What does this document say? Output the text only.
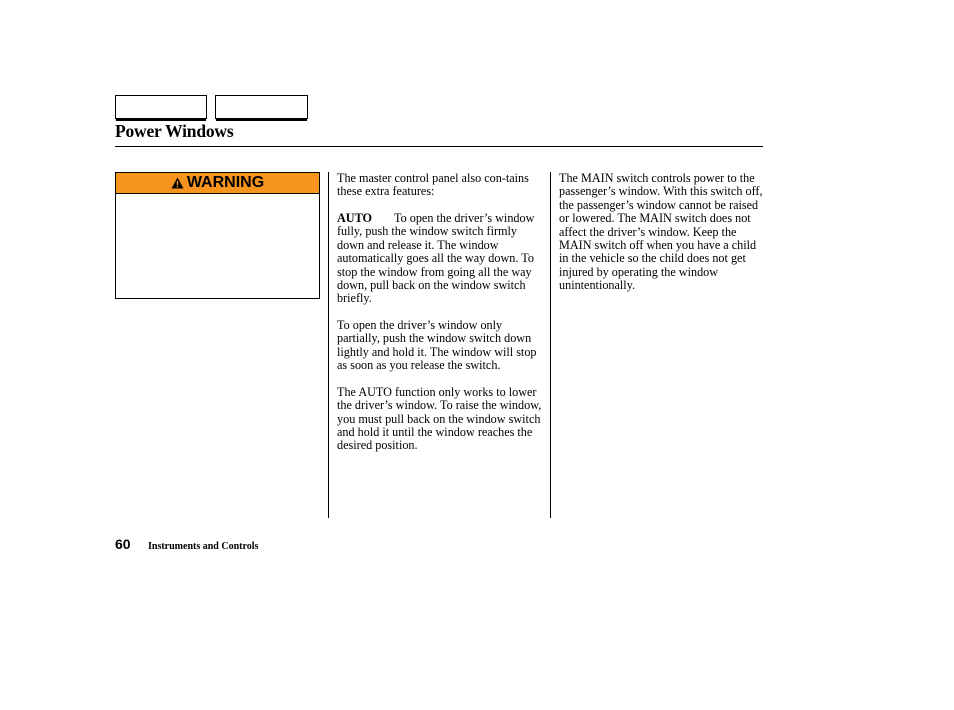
Power Windows
WARNING	The master control panel also con-tains these extra features:

AUTO To open the driver’s window fully, push the window switch firmly down and release it. The window automatically goes all the way down. To stop the window from going all the way down, pull back on the window switch briefly.

To open the driver’s window only partially, push the window switch down lightly and hold it. The window will stop as soon as you release the switch.

The AUTO function only works to lower the driver’s window. To raise the window, you must pull back on the window switch and hold it until the window reaches the desired position.

The MAIN switch controls power to the passenger’s window. With this switch off, the passenger’s window cannot be raised or lowered. The MAIN switch does not affect the driver’s window. Keep the MAIN switch off when you have a child in the vehicle so the child does not get injured by operating the window unintentionally.

60 Instruments and Controls
